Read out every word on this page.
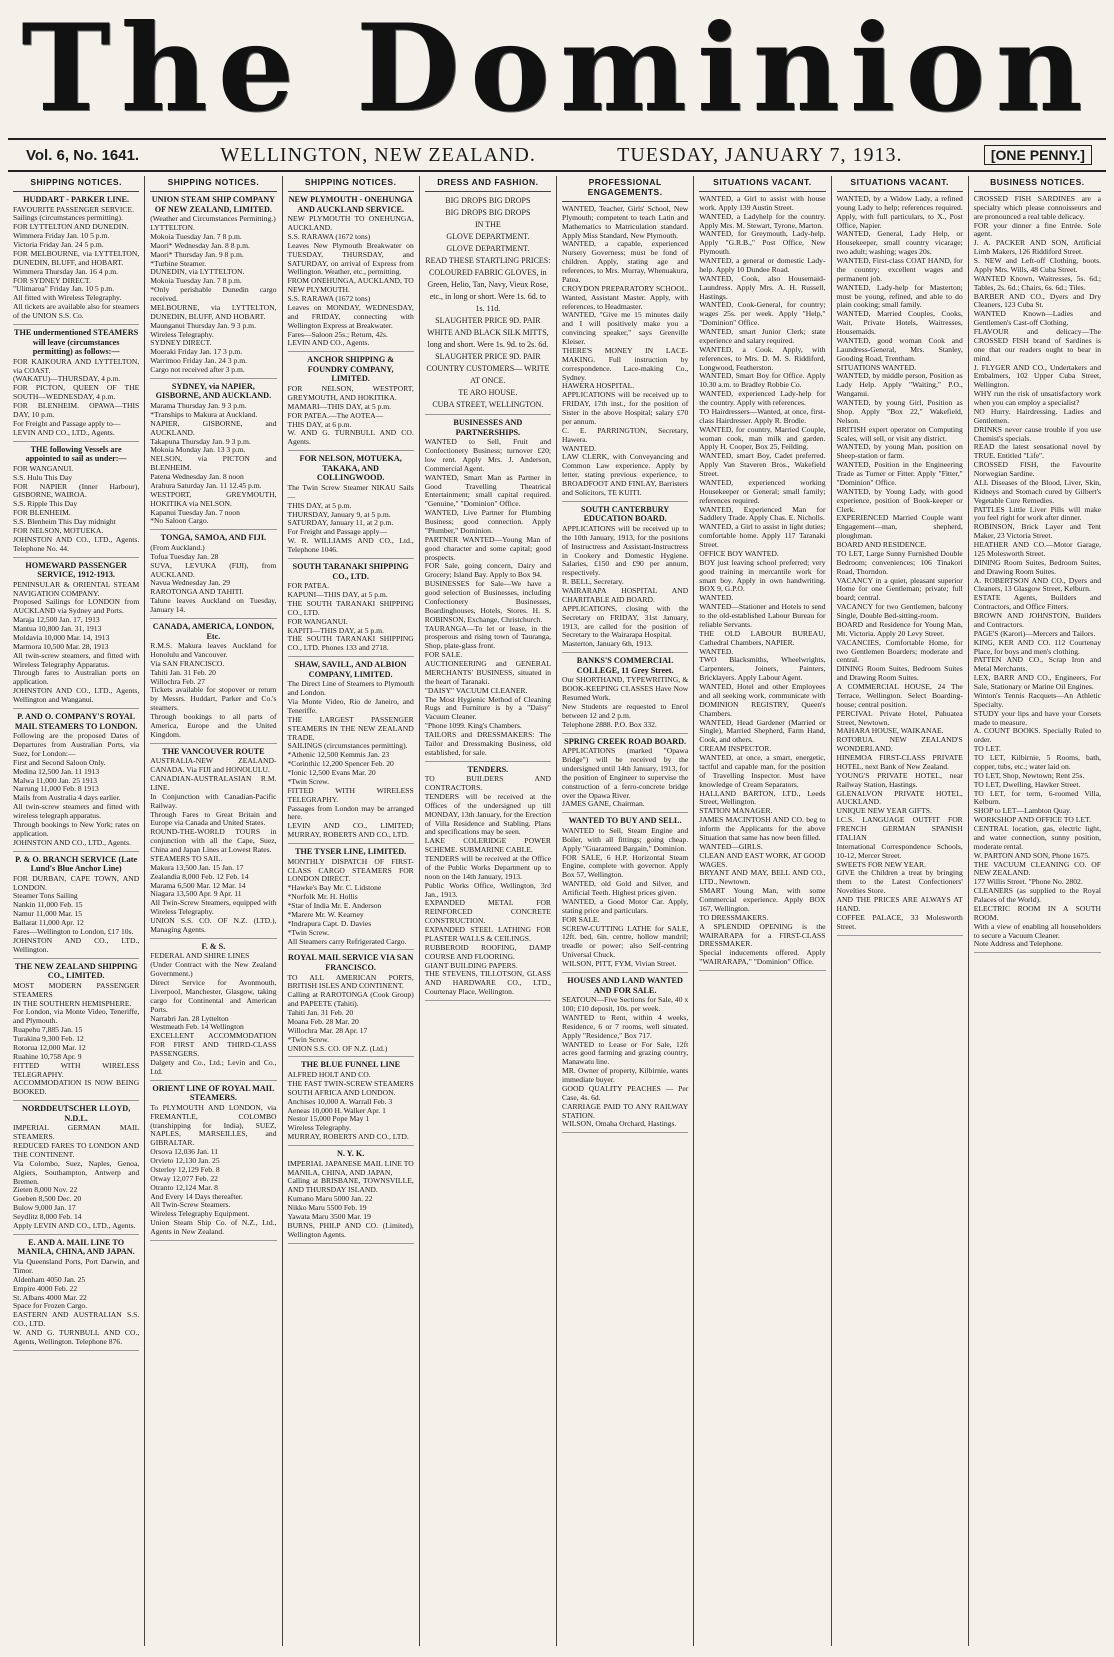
The Dominion
Vol. 6, No. 1641.	WELLINGTON, NEW ZEALAND.	TUESDAY, JANUARY 7, 1913.	[ONE PENNY.]
SHIPPING NOTICES.
HUDDART - PARKER LINE.

FAVOURITE PASSENGER SERVICE.

Sailings (circumstances permitting).

FOR LYTTELTON AND DUNEDIN.

Wimmera Friday Jan. 10 5 p.m.

Victoria Friday Jan. 24 5 p.m.

FOR MELBOURNE, via LYTTELTON, DUNEDIN, BLUFF, and HOBART.

Wimmera Thursday Jan. 16 4 p.m.

FOR SYDNEY DIRECT.

"Ulimaroa" Friday Jan. 10 5 p.m.

All fitted with Wireless Telegraphy.

All tickets are available also for steamers of the UNION S.S. Co.

THE undermentioned STEAMERS will leave (circumstances permitting) as follows:—

FOR KAIKOURA AND LYTTELTON, via COAST.

(WAKATU)—THURSDAY, 4 p.m.

FOR PICTON, QUEEN OF THE SOUTH—WEDNESDAY, 4 p.m.

FOR BLENHEIM. OPAWA—THIS DAY, 10 p.m.

For Freight and Passage apply to—

LEVIN AND CO., LTD., Agents.

THE following Vessels are appointed to sail as under:—

FOR WANGANUI.

S.S. Hulu This Day

FOR NAPIER (Inner Harbour), GISBORNE, WAIROA.

S.S. Ripple This Day

FOR BLENHEIM.

S.S. Blenheim This Day midnight

FOR NELSON, MOTUEKA.

JOHNSTON AND CO., LTD., Agents. Telephone No. 44.

HOMEWARD PASSENGER SERVICE, 1912-1913.

PENINSULAR & ORIENTAL STEAM NAVIGATION COMPANY.

Proposed Sailings for LONDON from AUCKLAND via Sydney and Ports.

Maraja 12,500 Jan. 17, 1913

Mantua 10,800 Jan. 31, 1913

Moldavia 10,000 Mar. 14, 1913

Marmora 10,500 Mar. 28, 1913

All twin-screw steamers, and fitted with Wireless Telegraphy Apparatus.

Through fares to Australian ports on application.

JOHNSTON AND CO., LTD., Agents, Wellington and Wanganui.

P. AND O. COMPANY'S ROYAL MAIL STEAMERS TO LONDON.

Following are the proposed Dates of Departures from Australian Ports, via Suez, for London:—

First and Second Saloon Only.

Medina 12,500 Jan. 11 1913

Malwa 11,000 Jan. 25 1913

Narrung 11,000 Feb. 8 1913

Mails from Australia 4 days earlier.

All twin-screw steamers and fitted with wireless telegraph apparatus.

Through bookings to New York; rates on application.

JOHNSTON AND CO., LTD., Agents.

P. & O. BRANCH SERVICE (Late Lund's Blue Anchor Line)

FOR DURBAN, CAPE TOWN, AND LONDON.

Steamer Tons Sailing

Nankin 11,000 Feb. 15

Namur 11,000 Mar. 15

Ballarat 11,000 Apr. 12

Fares—Wellington to London, £17 10s.

JOHNSTON AND CO., LTD., Wellington.

THE NEW ZEALAND SHIPPING CO., LIMITED.

MOST MODERN PASSENGER STEAMERS

IN THE SOUTHERN HEMISPHERE.

For London, via Monte Video, Teneriffe, and Plymouth.

Ruapehu 7,885 Jan. 15

Turakina 9,300 Feb. 12

Rotorua 12,000 Mar. 12

Ruahine 10,758 Apr. 9

FITTED WITH WIRELESS TELEGRAPHY.

ACCOMMODATION IS NOW BEING BOOKED.

NORDDEUTSCHER LLOYD, N.D.L.

IMPERIAL GERMAN MAIL STEAMERS.

REDUCED FARES TO LONDON AND THE CONTINENT.

Via Colombo, Suez, Naples, Genoa, Algiers, Southampton, Antwerp and Bremen.

Zieten 8,000 Nov. 22

Goeben 8,500 Dec. 20

Bulow 9,000 Jan. 17

Seydlitz 8,000 Feb. 14

Apply LEVIN AND CO., LTD., Agents.

E. AND A. MAIL LINE TO MANILA, CHINA, AND JAPAN.

Via Queensland Ports, Port Darwin, and Timor.

Aldenham 4050 Jan. 25

Empire 4000 Feb. 22

St. Albans 4000 Mar. 22

Space for Frozen Cargo.

EASTERN AND AUSTRALIAN S.S. CO., LTD.

W. AND G. TURNBULL AND CO., Agents, Wellington. Telephone 876.

SHIPPING NOTICES.
UNION STEAM SHIP COMPANY OF NEW ZEALAND, LIMITED.

(Weather and Circumstances Permitting.)

LYTTELTON.

Mokoia Tuesday Jan. 7 8 p.m.

Maori* Wednesday Jan. 8 8 p.m.

Maori* Thursday Jan. 9 8 p.m.

*Turbine Steamer.

DUNEDIN, via LYTTELTON.

Mokoia Tuesday Jan. 7 8 p.m.

*Only perishable Dunedin cargo received.

MELBOURNE, via LYTTELTON, DUNEDIN, BLUFF, AND HOBART.

Maunganui Thursday Jan. 9 3 p.m.

Wireless Telegraphy.

SYDNEY DIRECT.

Moeraki Friday Jan. 17 3 p.m.

Warrimoo Friday Jan. 24 3 p.m.

Cargo not received after 3 p.m.

SYDNEY, via NAPIER, GISBORNE, AND AUCKLAND.

Marama Thursday Jan. 9 3 p.m.

*Tranships to Makura at Auckland.

NAPIER, GISBORNE, and AUCKLAND.

Takapuna Thursday Jan. 9 3 p.m.

Mokoia Monday Jan. 13 3 p.m.

NELSON, via PICTON and BLENHEIM.

Patena Wednesday Jan. 8 noon

Arahura Saturday Jan. 11 12.45 p.m.

WESTPORT, GREYMOUTH, HOKITIKA via NELSON.

Kapanui Tuesday Jan. 7 noon

*No Saloon Cargo.

TONGA, SAMOA, AND FIJI.

(From Auckland.)

Tofua Tuesday Jan. 28

SUVA, LEVUKA (FIJI), from AUCKLAND.

Navua Wednesday Jan. 29

RAROTONGA AND TAHITI.

Talune leaves Auckland on Tuesday, January 14.

CANADA, AMERICA, LONDON, Etc.

R.M.S. Makura leaves Auckland for Honolulu and Vancouver.

Via SAN FRANCISCO.

Tahiti Jan. 31 Feb. 20

Willochra Feb. 27

Tickets available for stopover or return by Messrs. Huddart, Parker and Co.'s steamers.

Through bookings to all parts of America, Europe and the United Kingdom.

THE VANCOUVER ROUTE

AUSTRALIA-NEW ZEALAND-CANADA. Via FIJI and HONOLULU.

CANADIAN-AUSTRALASIAN R.M. LINE.

In Conjunction with Canadian-Pacific Railway.

Through Fares to Great Britain and Europe via Canada and United States.

ROUND-THE-WORLD TOURS in conjunction with all the Cape, Suez, China and Japan Lines at Lowest Rates.

STEAMERS TO SAIL.

Makura 13,500 Jan. 15 Jan. 17

Zealandia 8,000 Feb. 12 Feb. 14

Marama 6,500 Mar. 12 Mar. 14

Niagara 13,500 Apr. 9 Apr. 11

All Twin-Screw Steamers, equipped with Wireless Telegraphy.

UNION S.S. CO. OF N.Z. (LTD.), Managing Agents.

F. & S.

FEDERAL AND SHIRE LINES

(Under Contract with the New Zealand Government.)

Direct Service for Avonmouth, Liverpool, Manchester, Glasgow, taking cargo for Continental and American Ports.

Narrabri Jan. 28 Lyttelton

Westmeath Feb. 14 Wellington

EXCELLENT ACCOMMODATION FOR FIRST AND THIRD-CLASS PASSENGERS.

Dalgety and Co., Ltd.; Levin and Co., Ltd.

ORIENT LINE OF ROYAL MAIL STEAMERS.

To PLYMOUTH AND LONDON, via FREMANTLE, COLOMBO (transhipping for India), SUEZ, NAPLES, MARSEILLES, and GIBRALTAR.

Orsova 12,036 Jan. 11

Orvieto 12,130 Jan. 25

Osterley 12,129 Feb. 8

Otway 12,077 Feb. 22

Otranto 12,124 Mar. 8

And Every 14 Days thereafter.

All Twin-Screw Steamers.

Wireless Telegraphy Equipment.

Union Steam Ship Co. of N.Z., Ltd., Agents in New Zealand.

SHIPPING NOTICES.
NEW PLYMOUTH - ONEHUNGA AND AUCKLAND SERVICE.

NEW PLYMOUTH TO ONEHUNGA, AUCKLAND.

S.S. RARAWA (1672 tons)

Leaves New Plymouth Breakwater on TUESDAY, THURSDAY, and SATURDAY, on arrival of Express from Wellington. Weather, etc., permitting.

FROM ONEHUNGA, AUCKLAND, TO NEW PLYMOUTH.

S.S. RARAWA (1672 tons)

Leaves on MONDAY, WEDNESDAY, and FRIDAY, connecting with Wellington Express at Breakwater.

Fares—Saloon 25s.; Return, 42s.

LEVIN AND CO., Agents.

ANCHOR SHIPPING & FOUNDRY COMPANY, LIMITED.

FOR NELSON, WESTPORT, GREYMOUTH, AND HOKITIKA.

MAMARI—THIS DAY, at 5 p.m.

FOR PATEA.—The AOTEA—

THIS DAY, at 6 p.m.

W. AND G. TURNBULL AND CO. Agents.

FOR NELSON, MOTUEKA, TAKAKA, AND COLLINGWOOD.

The Twin Screw Steamer NIKAU Sails—

THIS DAY, at 5 p.m.

THURSDAY, January 9, at 5 p.m.

SATURDAY, January 11, at 2 p.m.

For Freight and Passage apply—

W. R. WILLIAMS AND CO., Ltd., Telephone 1046.

SOUTH TARANAKI SHIPPING CO., LTD.

FOR PATEA.

KAPUNI—THIS DAY, at 5 p.m.

THE SOUTH TARANAKI SHIPPING CO., LTD.

FOR WANGANUI.

KAPITI—THIS DAY, at 5 p.m.

THE SOUTH TARANAKI SHIPPING CO., LTD. Phones 133 and 2718.

SHAW, SAVILL, AND ALBION COMPANY, LIMITED.

The Direct Line of Steamers to Plymouth and London.

Via Monte Video, Rio de Janeiro, and Teneriffe.

THE LARGEST PASSENGER STEAMERS IN THE NEW ZEALAND TRADE.

SAILINGS (circumstances permitting).

*Athenic 12,500 Kemmis Jan. 23

*Corinthic 12,200 Spencer Feb. 20

*Ionic 12,500 Evans Mar. 20

*Twin Screw.

FITTED WITH WIRELESS TELEGRAPHY.

Passages from London may be arranged here.

LEVIN AND CO., LIMITED; MURRAY, ROBERTS AND CO., LTD.

THE TYSER LINE, LIMITED.

MONTHLY DISPATCH OF FIRST-CLASS CARGO STEAMERS FOR LONDON DIRECT.

*Hawke's Bay Mr. C. Lidstone

*Norfolk Mr. H. Hollis

*Star of India Mr. E. Anderson

*Marere Mr. W. Kearney

*Indrapura Capt. D. Davies

*Twin Screw.

All Steamers carry Refrigerated Cargo.

ROYAL MAIL SERVICE VIA SAN FRANCISCO.

TO ALL AMERICAN PORTS, BRITISH ISLES AND CONTINENT.

Calling at RAROTONGA (Cook Group) and PAPEETE (Tahiti).

Tahiti Jan. 31 Feb. 20

Moana Feb. 28 Mar. 20

Willochra Mar. 28 Apr. 17

*Twin Screw.

UNION S.S. CO. OF N.Z. (Ltd.)

THE BLUE FUNNEL LINE

ALFRED HOLT AND CO.

THE FAST TWIN-SCREW STEAMERS

SOUTH AFRICA AND LONDON.

Anchises 10,000 A. Warrall Feb. 3

Aeneas 10,000 H. Walker Apr. 1

Nestor 15,000 Pope May 1

Wireless Telegraphy.

MURRAY, ROBERTS AND CO., LTD.

N. Y. K.

IMPERIAL JAPANESE MAIL LINE TO MANILA, CHINA, AND JAPAN,

Calling at BRISBANE, TOWNSVILLE, AND THURSDAY ISLAND.

Kumano Maru 5000 Jan. 22

Nikko Maru 5500 Feb. 19

Yawata Maru 3500 Mar. 19

BURNS, PHILP AND CO. (Limited), Wellington Agents.

DRESS AND FASHION.

BIG DROPS BIG DROPS

BIG DROPS BIG DROPS

IN THE

GLOVE DEPARTMENT.

GLOVE DEPARTMENT.

READ THESE STARTLING PRICES:

COLOURED FABRIC GLOVES, in Green, Helio, Tan, Navy, Vieux Rose, etc., in long or short. Were 1s. 6d. to 1s. 11d.

SLAUGHTER PRICE 9D. PAIR

WHITE AND BLACK SILK MITTS, long and short. Were 1s. 9d. to 2s. 6d.

SLAUGHTER PRICE 9D. PAIR

COUNTRY CUSTOMERS— WRITE AT ONCE.

TE ARO HOUSE.

CUBA STREET, WELLINGTON.

BUSINESSES AND PARTNERSHIPS.

WANTED to Sell, Fruit and Confectionery Business; turnover £20; low rent. Apply Mrs. J. Anderson, Commercial Agent.

WANTED, Smart Man as Partner in Good Travelling Theatrical Entertainment; small capital required. "Genuine," "Dominion" Office.

WANTED, Live Partner for Plumbing Business; good connection. Apply "Plumber," Dominion.

PARTNER WANTED—Young Man of good character and some capital; good prospects.

FOR Sale, going concern, Dairy and Grocery; Island Bay. Apply to Box 94.

BUSINESSES for Sale—We have a good selection of Businesses, including Confectionery Businesses, Boardinghouses, Hotels, Stores. H. S. ROBINSON, Exchange, Christchurch.

TAURANGA—To let or lease, in the prosperous and rising town of Tauranga, Shop, plate-glass front.

FOR SALE.

AUCTIONEERING and GENERAL MERCHANTS' BUSINESS, situated in the heart of Taranaki.

"DAISY" VACUUM CLEANER.

The Most Hygienic Method of Cleaning Rugs and Furniture is by a "Daisy" Vacuum Cleaner.

"Phone 1099. King's Chambers.

TAILORS and DRESSMAKERS: The Tailor and Dressmaking Business, old established, for sale.

TENDERS.

TO BUILDERS AND CONTRACTORS.

TENDERS will be received at the Offices of the undersigned up till MONDAY, 13th January, for the Erection of Villa Residence and Stabling. Plans and specifications may be seen.

LAKE COLERIDGE POWER SCHEME. SUBMARINE CABLE.

TENDERS will be received at the Office of the Public Works Department up to noon on the 14th January, 1913.

Public Works Office, Wellington, 3rd Jan., 1913.

EXPANDED METAL FOR REINFORCED CONCRETE CONSTRUCTION.

EXPANDED STEEL LATHING FOR PLASTER WALLS & CEILINGS.

RUBBEROID ROOFING, DAMP COURSE AND FLOORING.

GIANT BUILDING PAPERS.

THE STEVENS, TILLOTSON, GLASS AND HARDWARE CO., LTD., Courtenay Place, Wellington.

PROFESSIONAL ENGAGEMENTS.

WANTED, Teacher, Girls' School, New Plymouth; competent to teach Latin and Mathematics to Matriculation standard. Apply Miss Standard, New Plymouth.

WANTED, a capable, experienced Nursery Governess; must be fond of children. Apply, stating age and references, to Mrs. Murray, Whenuakura, Patea.

CROYDON PREPARATORY SCHOOL. Wanted, Assistant Master. Apply, with references, to Headmaster.

WANTED, "Give me 15 minutes daily and I will positively make you a convincing speaker," says Grenville Kleiser.

THERE'S MONEY IN LACE-MAKING. Full instruction by correspondence. Lace-making Co., Sydney.

HAWERA HOSPITAL.

APPLICATIONS will be received up to FRIDAY, 17th inst., for the position of Sister in the above Hospital; salary £70 per annum.

C. E. PARRINGTON, Secretary, Hawera.

WANTED.

LAW CLERK, with Conveyancing and Common Law experience. Apply by letter, stating previous experience, to BROADFOOT AND FINLAY, Barristers and Solicitors, TE KUITI.

SOUTH CANTERBURY EDUCATION BOARD.

APPLICATIONS will be received up to the 10th January, 1913, for the positions of Instructress and Assistant-Instructress in Cookery and Domestic Hygiene. Salaries, £150 and £90 per annum, respectively.

R. BELL, Secretary.

WAIRARAPA HOSPITAL AND CHARITABLE AID BOARD.

APPLICATIONS, closing with the Secretary on FRIDAY, 31st January, 1913, are called for the position of Secretary to the Wairarapa Hospital.

Masterton, January 6th, 1913.

BANKS'S COMMERCIAL COLLEGE, 11 Grey Street.

Our SHORTHAND, TYPEWRITING, & BOOK-KEEPING CLASSES Have Now Resumed Work.

New Students are requested to Enrol between 12 and 2 p.m.

Telephone 2888. P.O. Box 332.

SPRING CREEK ROAD BOARD.

APPLICATIONS (marked "Opawa Bridge") will be received by the undersigned until 14th January, 1913, for the position of Engineer to supervise the construction of a ferro-concrete bridge over the Opawa River.

JAMES GANE, Chairman.

WANTED TO BUY AND SELL.

WANTED to Sell, Steam Engine and Boiler, with all fittings; going cheap. Apply "Guaranteed Bargain," Dominion.

FOR SALE, 6 H.P. Horizontal Steam Engine, complete with governor. Apply Box 57, Wellington.

WANTED, old Gold and Silver, and Artificial Teeth. Highest prices given.

WANTED, a Good Motor Car. Apply, stating price and particulars.

FOR SALE.

SCREW-CUTTING LATHE for SALE, 12ft. bed, 6in. centre, hollow mandril; treadle or power; also Self-centring Universal Chuck.

WILSON, PITT, FYM, Vivian Street.

HOUSES AND LAND WANTED AND FOR SALE.

SEATOUN—Five Sections for Sale, 40 x 100; £10 deposit, 10s. per week.

WANTED to Rent, within 4 weeks, Residence, 6 or 7 rooms, well situated. Apply "Residence," Box 717.

WANTED to Lease or For Sale, 12ft acres good farming and grazing country, Manawatu line.

MR. Owner of property, Kilbirnie, wants immediate buyer.

GOOD QUALITY PEACHES — Per Case, 4s. 6d.

CARRIAGE PAID TO ANY RAILWAY STATION.

WILSON, Omaha Orchard, Hastings.

SITUATIONS VACANT.

WANTED, a Girl to assist with house work. Apply 139 Austin Street.

WANTED, a Ladyhelp for the country. Apply Mrs. M. Stewart, Tyrone, Marton.

WANTED, for Greymouth, Lady-help. Apply "G.R.B.," Post Office, New Plymouth.

WANTED, a general or domestic Lady-help. Apply 10 Dundee Road.

WANTED, Cook, also Housemaid-Laundress. Apply Mrs. A. H. Russell, Hastings.

WANTED, Cook-General, for country; wages 25s. per week. Apply "Help," "Dominion" Office.

WANTED, smart Junior Clerk; state experience and salary required.

WANTED, a Cook. Apply, with references, to Mrs. D. M. S. Riddiford, Longwood, Featherston.

WANTED, Smart Boy for Office. Apply 10.30 a.m. to Bradley Robbie Co.

WANTED, experienced Lady-help for the country. Apply with references.

TO Hairdressers—Wanted, at once, first-class Hairdresser. Apply R. Brodie.

WANTED, for country, Married Couple, woman cook, man milk and garden. Apply H. Cooper, Box 25, Feilding.

WANTED, smart Boy, Cadet preferred. Apply Van Staveren Bros., Wakefield Street.

WANTED, experienced working Housekeeper or General; small family; references required.

WANTED, Experienced Man for Saddlery Trade. Apply Chas. E. Nicholls.

WANTED, a Girl to assist in light duties; comfortable home. Apply 117 Taranaki Street.

OFFICE BOY WANTED.

BOY just leaving school preferred; very good training in mercantile work for smart boy. Apply in own handwriting. BOX 9, G.P.O.

WANTED.

WANTED—Stationer and Hotels to send to the old-established Labour Bureau for reliable Servants.

THE OLD LABOUR BUREAU, Cathedral Chambers, NAPIER.

WANTED.

TWO Blacksmiths, Wheelwrights, Carpenters, Joiners, Painters, Bricklayers. Apply Labour Agent.

WANTED, Hotel and other Employees and all seeking work, communicate with DOMINION REGISTRY, Queen's Chambers.

WANTED, Head Gardener (Married or Single), Married Shepherd, Farm Hand, Cook, and others.

CREAM INSPECTOR.

WANTED, at once, a smart, energetic, tactful and capable man, for the position of Travelling Inspector. Must have knowledge of Cream Separators.

HALLAND BARTON, LTD., Leeds Street, Wellington.

STATION MANAGER.

JAMES MACINTOSH AND CO. beg to inform the Applicants for the above Situation that same has now been filled.

WANTED—GIRLS.

CLEAN AND EAST WORK, AT GOOD WAGES.

BRYANT AND MAY, BELL AND CO., LTD., Newtown.

SMART Young Man, with some Commercial experience. Apply BOX 167, Wellington.

TO DRESSMAKERS.

A SPLENDID OPENING is the WAIRARAPA for a FIRST-CLASS DRESSMAKER.

Special inducements offered. Apply "WAIRARAPA," "Dominion" Office.

SITUATIONS VACANT.

WANTED, by a Widow Lady, a refined young Lady to help; references required. Apply, with full particulars, to X., Post Office, Napier.

WANTED, General, Lady Help, or Housekeeper, small country vicarage; two adult; washing; wages 20s.

WANTED, First-class COAT HAND, for the country; excellent wages and permanent job.

WANTED, Lady-help for Masterton; must be young, refined, and able to do plain cooking; small family.

WANTED, Married Couples, Cooks, Wait, Private Hotels, Waitresses, Housemaids.

WANTED, good woman Cook and Laundress-General, Mrs. Stanley, Gooding Road, Trentham.

SITUATIONS WANTED.

WANTED, by middle person, Position as Lady Help. Apply "Waiting," P.O., Wanganui.

WANTED, by young Girl, Position as Shop. Apply "Box 22," Wakefield, Nelson.

BRITISH expert operator on Computing Scales, will sell, or visit any district.

WANTED, by young Man, position on Sheep-station or farm.

WANTED, Position in the Engineering Trade as Turner or Fitter. Apply "Fitter," "Dominion" Office.

WANTED, by Young Lady, with good experience, position of Book-keeper or Clerk.

EXPERIENCED Married Couple want Engagement—man, shepherd, ploughman.

BOARD AND RESIDENCE.

TO LET, Large Sunny Furnished Double Bedroom; conveniences; 106 Tinakori Road, Thorndon.

VACANCY in a quiet, pleasant superior Home for one Gentleman; private; full board; central.

VACANCY for two Gentlemen, balcony Single, Double Bed-sitting-room.

BOARD and Residence for Young Man, Mt. Victoria. Apply 20 Levy Street.

VACANCIES, Comfortable Home, for two Gentlemen Boarders; moderate and central.

DINING Room Suites, Bedroom Suites and Drawing Room Suites.

A COMMERCIAL HOUSE, 24 The Terrace, Wellington. Select Boarding-house; central position.

PERCIVAL Private Hotel, Puhuatea Street, Newtown.

MAHARA HOUSE, WAIKANAE.

ROTORUA. NEW ZEALAND'S WONDERLAND.

HINEMOA FIRST-CLASS PRIVATE HOTEL, next Bank of New Zealand.

YOUNG'S PRIVATE HOTEL, near Railway Station, Hastings.

GLENALVON PRIVATE HOTEL, AUCKLAND.

UNIQUE NEW YEAR GIFTS.

I.C.S. LANGUAGE OUTFIT FOR FRENCH GERMAN SPANISH ITALIAN

International Correspondence Schools, 10-12, Mercer Street.

SWEETS FOR NEW YEAR.

GIVE the Children a treat by bringing them to the Latest Confectioners' Novelties Store.

AND THE PRICES ARE ALWAYS AT HAND.

COFFEE PALACE, 33 Molesworth Street.

BUSINESS NOTICES.

CROSSED FISH SARDINES are a specialty which please connoisseurs and are pronounced a real table delicacy.

FOR your dinner a fine Entrée. Sole agent.

J. A. PACKER AND SON, Artificial Limb Makers, 126 Riddiford Street.

S. NEW and Left-off Clothing, boots. Apply Mrs. Wills, 48 Cuba Street.

WANTED Known, Waitresses, 5s. 6d.; Tables, 2s. 6d.; Chairs, 6s. 6d.; Tiles.

BARBER AND CO., Dyers and Dry Cleaners, 123 Cuba St.

WANTED Known—Ladies and Gentlemen's Cast-off Clothing.

FLAVOUR and delicacy—The CROSSED FISH brand of Sardines is one that our readers ought to bear in mind.

J. FLYGER AND CO., Undertakers and Embalmers, 102 Upper Cuba Street, Wellington.

WHY run the risk of unsatisfactory work when you can employ a specialist?

NO Hurry. Hairdressing. Ladies and Gentlemen.

DRINKS never cause trouble if you use Chemist's specials.

READ the latest sensational novel by TRUE. Entitled "Life".

CROSSED FISH, the Favourite Norwegian Sardine.

ALL Diseases of the Blood, Liver, Skin, Kidneys and Stomach cured by Gilbert's Vegetable Cure Remedies.

PATTLES Little Liver Pills will make you feel right for work after dinner.

ROBINSON, Brick Layer and Tent Maker, 23 Victoria Street.

HEATHER AND CO.—Motor Garage, 125 Molesworth Street.

DINING Room Suites, Bedroom Suites, and Drawing Room Suites.

A. ROBERTSON AND CO., Dyers and Cleaners, 13 Glasgow Street, Kelburn.

ESTATE Agents, Builders and Contractors, and Office Fitters.

BROWN AND JOHNSTON, Builders and Contractors.

PAGE'S (Karori)—Mercers and Tailors.

KING, KER AND CO. 112 Courtenay Place, for boys and men's clothing.

PATTEN AND CO., Scrap Iron and Metal Merchants.

LEX, BARR AND CO., Engineers, For Sale, Stationary or Marine Oil Engines.

Winton's Tennis Racquets—An Athletic Specialty.

STUDY your lips and have your Corsets made to measure.

A. COUNT BOOKS. Specially Ruled to order.

TO LET.

TO LET, Kilbirnie, 5 Rooms, bath, copper, tubs, etc.; water laid on.

TO LET, Shop, Newtown; Rent 25s.

TO LET, Dwelling, Hawker Street.

TO LET, for term, 6-roomed Villa, Kelburn.

SHOP to LET—Lambton Quay.

WORKSHOP AND OFFICE TO LET.

CENTRAL location, gas, electric light, and water connection, sunny position, moderate rental.

W. PARTON AND SON, Phone 1675.

THE VACUUM CLEANING CO. OF NEW ZEALAND.

177 Willis Street. "Phone No. 2802.

CLEANERS (as supplied to the Royal Palaces of the World).

ELECTRIC ROOM IN A SOUTH ROOM.

With a view of enabling all householders to secure a Vacuum Cleaner.

Note Address and Telephone.
